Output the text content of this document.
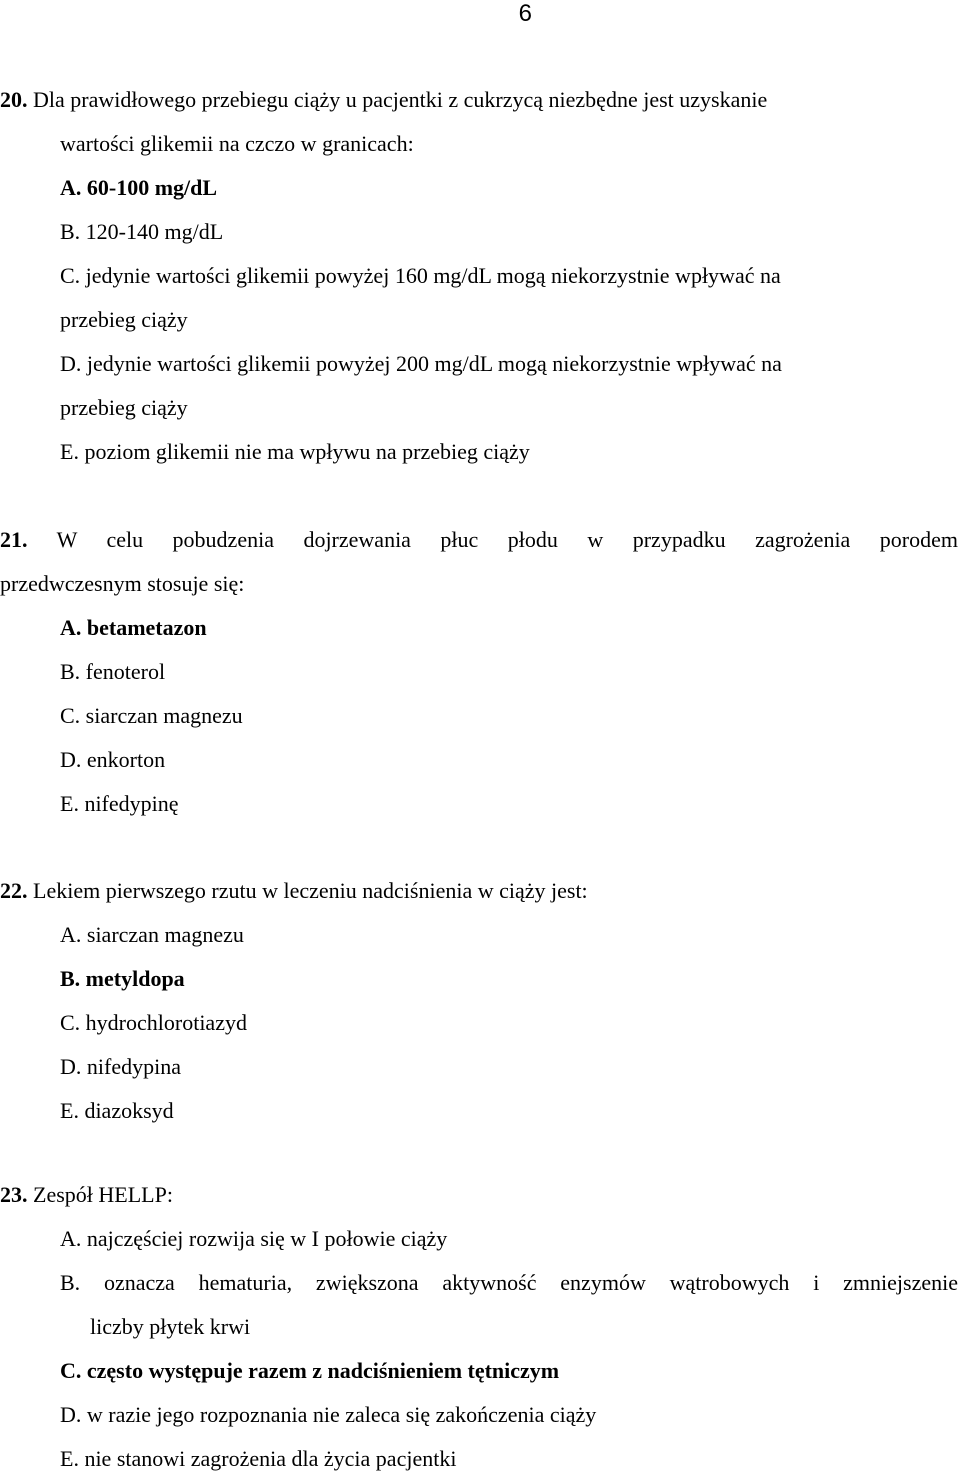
6
20. Dla prawidłowego przebiegu ciąży u pacjentki z cukrzycą niezbędne jest uzyskanie
wartości glikemii na czczo w granicach:
A. 60-100 mg/dL
B. 120-140 mg/dL
C. jedynie wartości glikemii powyżej 160 mg/dL mogą niekorzystnie wpływać na
przebieg ciąży
D. jedynie wartości glikemii powyżej 200 mg/dL mogą niekorzystnie wpływać na
przebieg ciąży
E. poziom glikemii nie ma wpływu na przebieg ciąży
21. W celu pobudzenia dojrzewania płuc płodu w przypadku zagrożenia porodem
przedwczesnym stosuje się:
A. betametazon
B. fenoterol
C. siarczan magnezu
D. enkorton
E. nifedypinę
22. Lekiem pierwszego rzutu w leczeniu nadciśnienia w ciąży jest:
A. siarczan magnezu
B. metyldopa
C. hydrochlorotiazyd
D. nifedypina
E. diazoksyd
23. Zespół HELLP:
A. najczęściej rozwija się w I połowie ciąży
B. oznacza hematuria, zwiększona aktywność enzymów wątrobowych i zmniejszenie
liczby płytek krwi
C. często występuje razem z nadciśnieniem tętniczym
D. w razie jego rozpoznania nie zaleca się zakończenia ciąży
E. nie stanowi zagrożenia dla życia pacjentki
